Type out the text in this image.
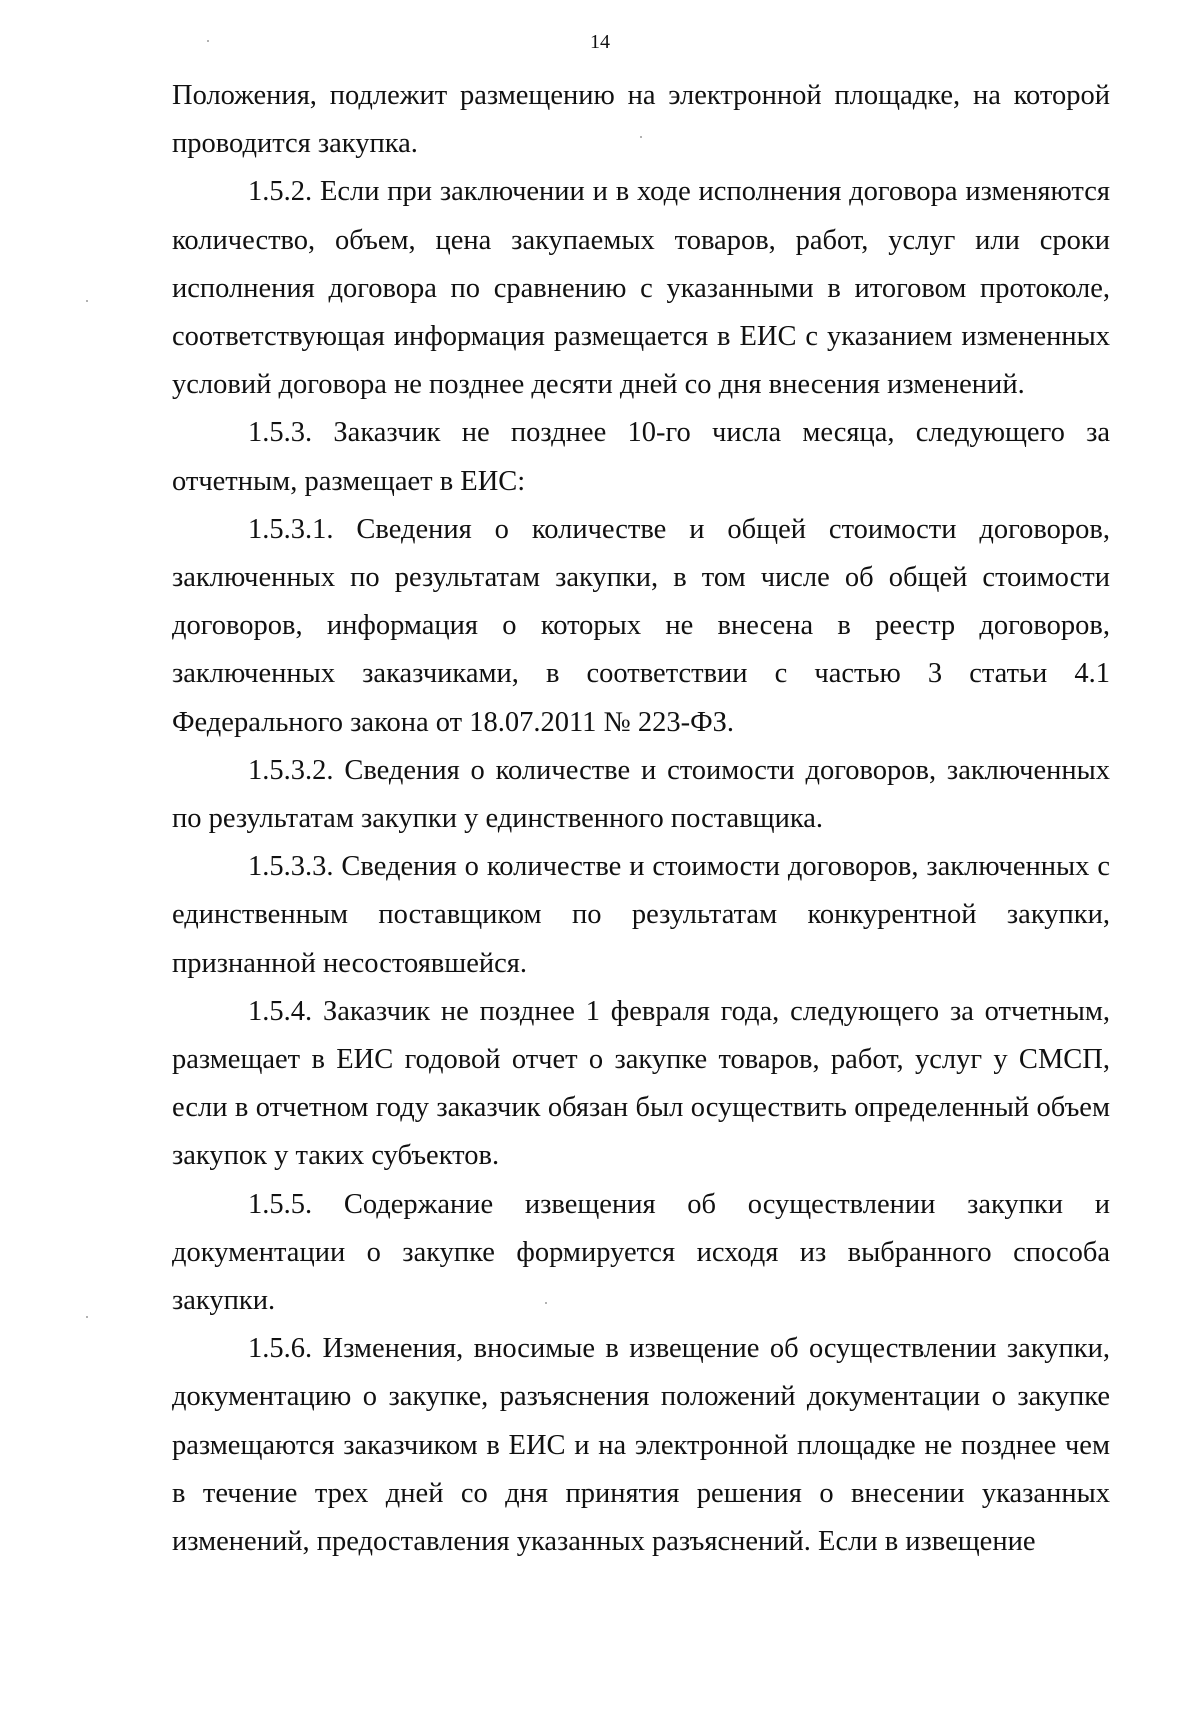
14

Положения, подлежит размещению на электронной площадке, на которой проводится закупка.

1.5.2. Если при заключении и в ходе исполнения договора изменяются количество, объем, цена закупаемых товаров, работ, услуг или сроки исполнения договора по сравнению с указанными в итоговом протоколе, соответствующая информация размещается в ЕИС с указанием измененных условий договора не позднее десяти дней со дня внесения изменений.

1.5.3. Заказчик не позднее 10-го числа месяца, следующего за отчетным, размещает в ЕИС:

1.5.3.1. Сведения о количестве и общей стоимости договоров, заключенных по результатам закупки, в том числе об общей стоимости договоров, информация о которых не внесена в реестр договоров, заключенных заказчиками, в соответствии с частью 3 статьи 4.1 Федерального закона от 18.07.2011 № 223-ФЗ.

1.5.3.2. Сведения о количестве и стоимости договоров, заключенных по результатам закупки у единственного поставщика.

1.5.3.3. Сведения о количестве и стоимости договоров, заключенных с единственным поставщиком по результатам конкурентной закупки, признанной несостоявшейся.

1.5.4. Заказчик не позднее 1 февраля года, следующего за отчетным, размещает в ЕИС годовой отчет о закупке товаров, работ, услуг у СМСП, если в отчетном году заказчик обязан был осуществить определенный объем закупок у таких субъектов.

1.5.5. Содержание извещения об осуществлении закупки и документации о закупке формируется исходя из выбранного способа закупки.

1.5.6. Изменения, вносимые в извещение об осуществлении закупки, документацию о закупке, разъяснения положений документации о закупке размещаются заказчиком в ЕИС и на электронной площадке не позднее чем в течение трех дней со дня принятия решения о внесении указанных изменений, предоставления указанных разъяснений. Если в извещение
